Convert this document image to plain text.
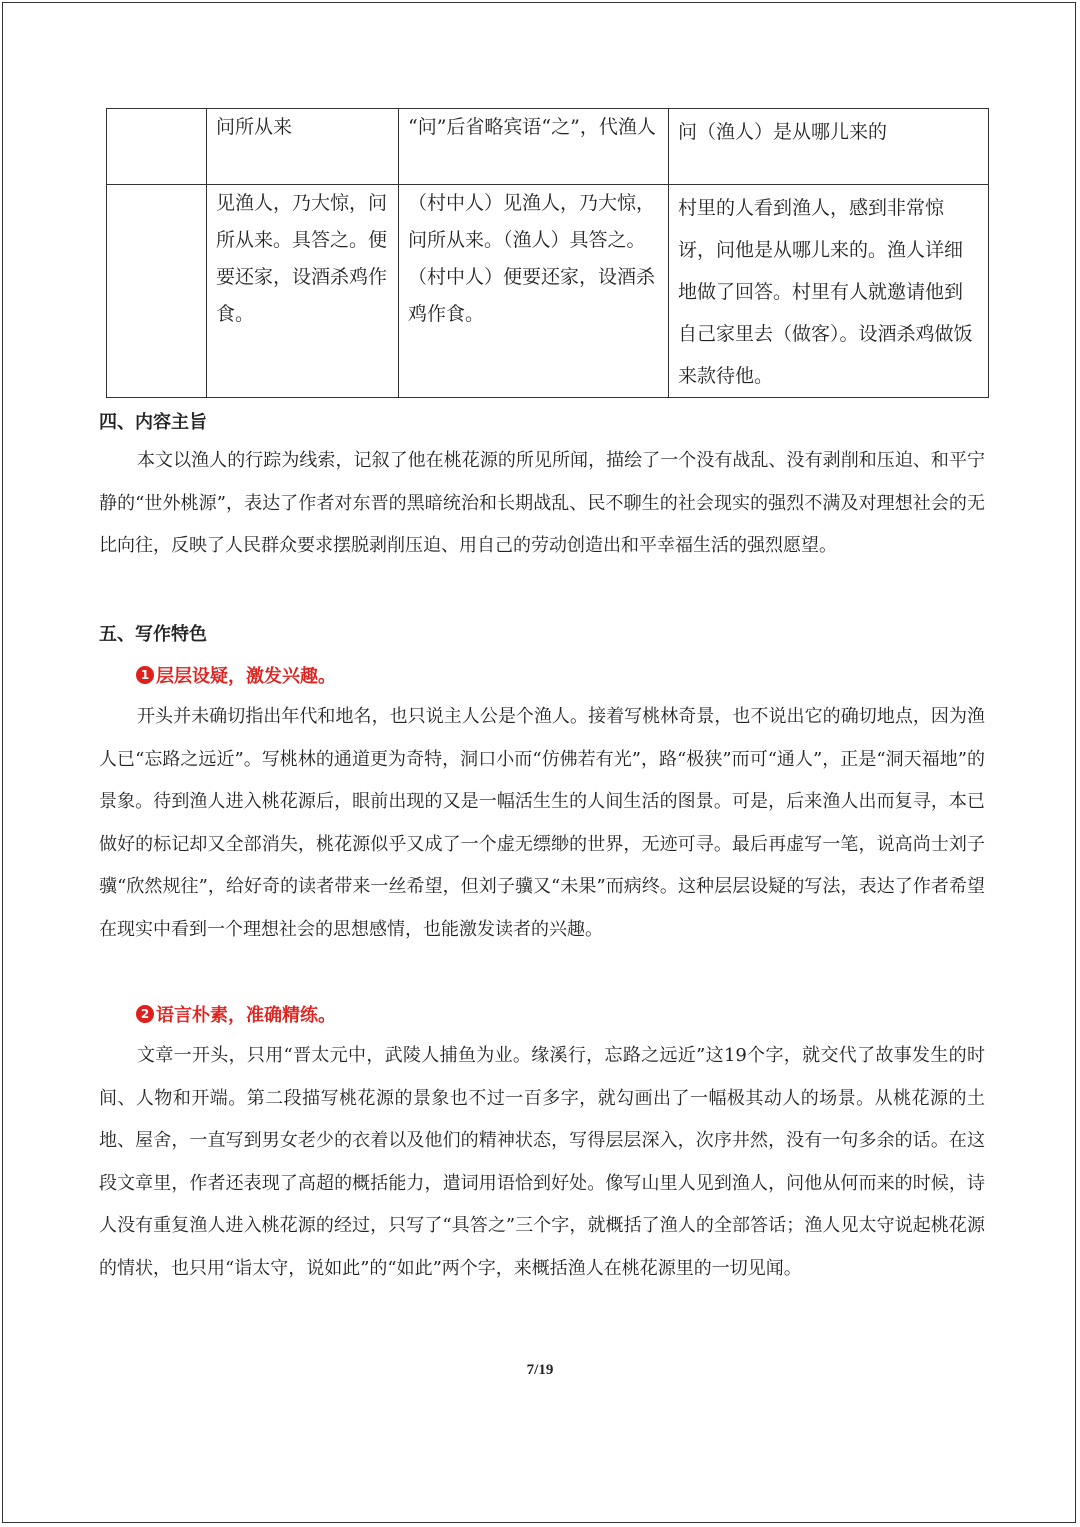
	问所从来	“问”后省略宾语“之”，代渔人	问（渔人）是从哪儿来的
	见渔人，乃大惊，问所从来。具答之。便要还家，设酒杀鸡作食。	（村中人）见渔人，乃大惊，问所从来。（渔人）具答之。（村中人）便要还家，设酒杀鸡作食。	村里的人看到渔人，感到非常惊讶，问他是从哪儿来的。渔人详细地做了回答。村里有人就邀请他到自己家里去（做客）。设酒杀鸡做饭来款待他。
四、内容主旨

本文以渔人的行踪为线索，记叙了他在桃花源的所见所闻，描绘了一个没有战乱、没有剥削和压迫、和平宁静的“世外桃源”，表达了作者对东晋的黑暗统治和长期战乱、民不聊生的社会现实的强烈不满及对理想社会的无比向往，反映了人民群众要求摆脱剥削压迫、用自己的劳动创造出和平幸福生活的强烈愿望。

五、写作特色
1 层层设疑，激发兴趣。

开头并未确切指出年代和地名，也只说主人公是个渔人。接着写桃林奇景，也不说出它的确切地点，因为渔人已“忘路之远近”。写桃林的通道更为奇特，洞口小而“仿佛若有光”，路“极狭”而可“通人”，正是“洞天福地”的景象。待到渔人进入桃花源后，眼前出现的又是一幅活生生的人间生活的图景。可是，后来渔人出而复寻，本已做好的标记却又全部消失，桃花源似乎又成了一个虚无缥缈的世界，无迹可寻。最后再虚写一笔，说高尚士刘子骥“欣然规往”，给好奇的读者带来一丝希望，但刘子骥又“未果”而病终。这种层层设疑的写法，表达了作者希望在现实中看到一个理想社会的思想感情，也能激发读者的兴趣。

2 语言朴素，准确精练。

文章一开头，只用“晋太元中，武陵人捕鱼为业。缘溪行，忘路之远近”这19个字，就交代了故事发生的时间、人物和开端。第二段描写桃花源的景象也不过一百多字，就勾画出了一幅极其动人的场景。从桃花源的土地、屋舍，一直写到男女老少的衣着以及他们的精神状态，写得层层深入，次序井然，没有一句多余的话。在这段文章里，作者还表现了高超的概括能力，遣词用语恰到好处。像写山里人见到渔人，问他从何而来的时候，诗人没有重复渔人进入桃花源的经过，只写了“具答之”三个字，就概括了渔人的全部答话；渔人见太守说起桃花源的情状，也只用“诣太守，说如此”的“如此”两个字，来概括渔人在桃花源里的一切见闻。

7/19
